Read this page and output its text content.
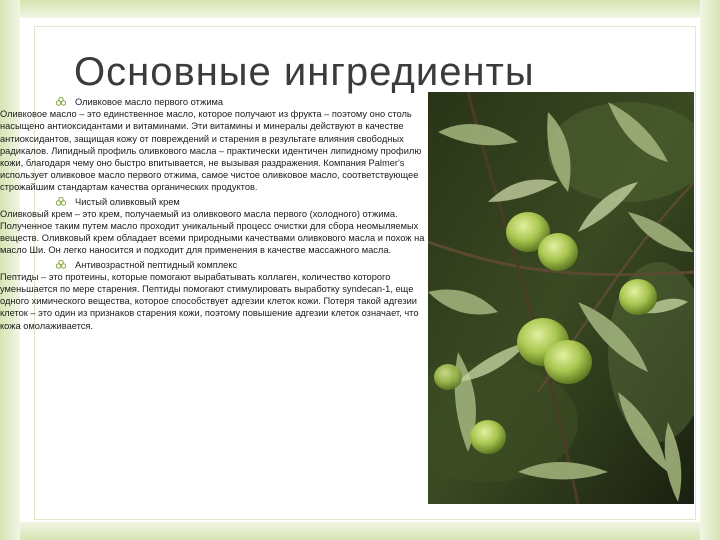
Основные ингредиенты
Оливковое масло первого отжима

Оливковое масло – это единственное масло, которое получают из фрукта – поэтому оно столь насыщено антиоксидантами и витаминами. Эти витамины и минералы действуют в качестве антиоксидантов, защищая кожу от повреждений и старения в результате влияния свободных радикалов. Липидный профиль оливкового масла – практически идентичен липидному профилю кожи, благодаря чему оно быстро впитывается, не вызывая раздражения. Компания Palmer's использует оливковое масло первого отжима, самое чистое оливковое масло, соответствующее строжайшим стандартам качества органических продуктов.

Чистый оливковый крем

Оливковый крем – это крем, получаемый из оливкового масла первого (холодного) отжима. Полученное таким путем масло проходит уникальный процесс очистки для сбора неомыляемых веществ. Оливковый крем обладает всеми природными качествами оливкового масла и похож на масло Ши. Он легко наносится и подходит для применения в качестве массажного масла.

Антивозрастной пептидный комплекс

Пептиды – это протеины, которые помогают вырабатывать коллаген, количество которого уменьшается по мере старения. Пептиды помогают стимулировать выработку syndecan-1, еще одного химического вещества, которое способствует адгезии клеток кожи. Потеря такой адгезии клеток – это один из признаков старения кожи, поэтому повышение адгезии клеток означает, что кожа омолаживается.
